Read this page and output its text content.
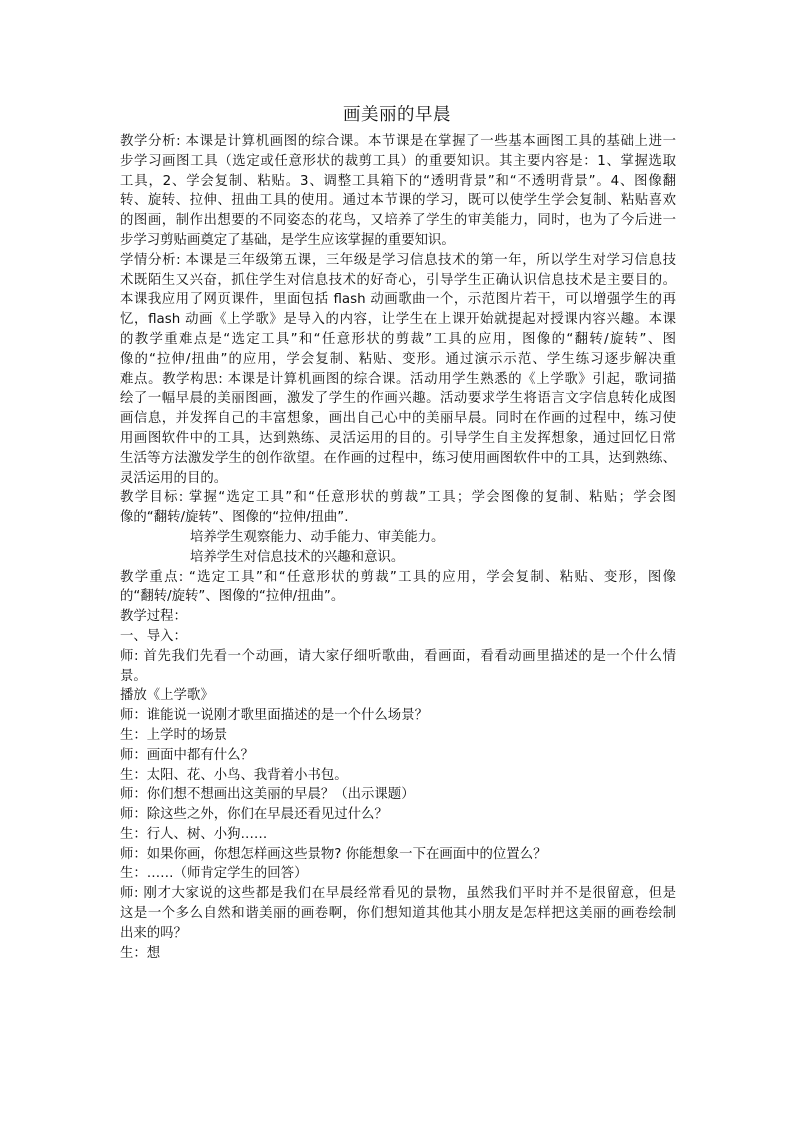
画美丽的早晨
教学分析: 本课是计算机画图的综合课。本节课是在掌握了一些基本画图工具的基础上进一
步学习画图工具（选定或任意形状的裁剪工具）的重要知识。其主要内容是：1、掌握选取
工具，2、学会复制、粘贴。3、调整工具箱下的“透明背景”和“不透明背景”。4、图像翻
转、旋转、拉伸、扭曲工具的使用。通过本节课的学习，既可以使学生学会复制、粘贴喜欢
的图画，制作出想要的不同姿态的花鸟，又培养了学生的审美能力，同时，也为了今后进一
步学习剪贴画奠定了基础，是学生应该掌握的重要知识。
学情分析: 本课是三年级第五课，三年级是学习信息技术的第一年，所以学生对学习信息技
术既陌生又兴奋，抓住学生对信息技术的好奇心，引导学生正确认识信息技术是主要目的。
本课我应用了网页课件，里面包括 flash 动画歌曲一个，示范图片若干，可以增强学生的再
忆，flash 动画《上学歌》是导入的内容，让学生在上课开始就提起对授课内容兴趣。本课
的教学重难点是“选定工具”和“任意形状的剪裁”工具的应用，图像的“翻转/旋转”、图
像的“拉伸/扭曲”的应用，学会复制、粘贴、变形。通过演示示范、学生练习逐步解决重
难点。教学构思: 本课是计算机画图的综合课。活动用学生熟悉的《上学歌》引起，歌词描
绘了一幅早晨的美丽图画，激发了学生的作画兴趣。活动要求学生将语言文字信息转化成图
画信息，并发挥自己的丰富想象，画出自己心中的美丽早晨。同时在作画的过程中，练习使
用画图软件中的工具，达到熟练、灵活运用的目的。引导学生自主发挥想象，通过回忆日常
生活等方法激发学生的创作欲望。在作画的过程中，练习使用画图软件中的工具，达到熟练、
灵活运用的目的。
教学目标: 掌握“选定工具”和“任意形状的剪裁”工具；学会图像的复制、粘贴；学会图
像的“翻转/旋转”、图像的“拉伸/扭曲”.
培养学生观察能力、动手能力、审美能力。
培养学生对信息技术的兴趣和意识。
教学重点: “选定工具”和“任意形状的剪裁”工具的应用，学会复制、粘贴、变形，图像
的“翻转/旋转”、图像的“拉伸/扭曲”。
教学过程：
一、导入：
师: 首先我们先看一个动画，请大家仔细听歌曲，看画面，看看动画里描述的是一个什么情
景。
播放《上学歌》
师：谁能说一说刚才歌里面描述的是一个什么场景？
生：上学时的场景
师：画面中都有什么？
生：太阳、花、小鸟、我背着小书包。
师：你们想不想画出这美丽的早晨？（出示课题）
师：除这些之外，你们在早晨还看见过什么？
生：行人、树、小狗……
师：如果你画，你想怎样画这些景物? 你能想象一下在画面中的位置么？
生：……（师肯定学生的回答）
师: 刚才大家说的这些都是我们在早晨经常看见的景物，虽然我们平时并不是很留意，但是
这是一个多么自然和谐美丽的画卷啊，你们想知道其他其小朋友是怎样把这美丽的画卷绘制
出来的吗？
生：想
